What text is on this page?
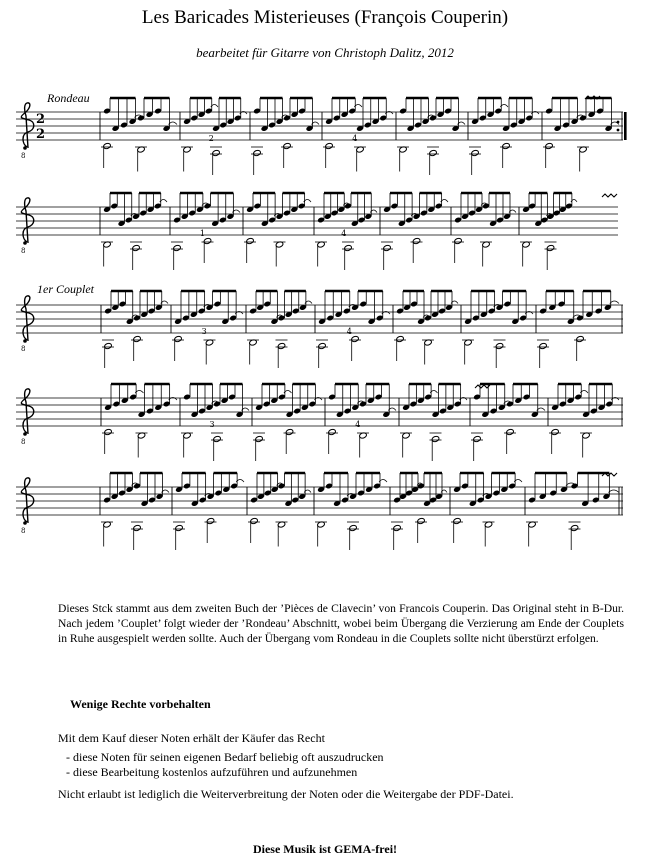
Les Baricades Misterieuses (François Couperin)
bearbeitet für Gitarre von Christoph Dalitz, 2012
8
2
2	2	4
8
1	4
8
3	4
8
3	4
8
Rondeau
1er Couplet
Dieses Stck stammt aus dem zweiten Buch der ’Pièces de Clavecin’ von Francois Couperin. Das Original steht in B-Dur. Nach jedem ’Couplet’ folgt wieder der ’Rondeau’ Abschnitt, wobei beim Übergang die Verzierung am Ende der Couplets in Ruhe ausgespielt werden sollte. Auch der Übergang vom Rondeau in die Couplets sollte nicht überstürzt erfolgen.
Wenige Rechte vorbehalten
Mit dem Kauf dieser Noten erhält der Käufer das Recht
- diese Noten für seinen eigenen Bedarf beliebig oft auszudrucken
- diese Bearbeitung kostenlos aufzuführen und aufzunehmen
Nicht erlaubt ist lediglich die Weiterverbreitung der Noten oder die Weitergabe der PDF-Datei.
Diese Musik ist GEMA-frei!
